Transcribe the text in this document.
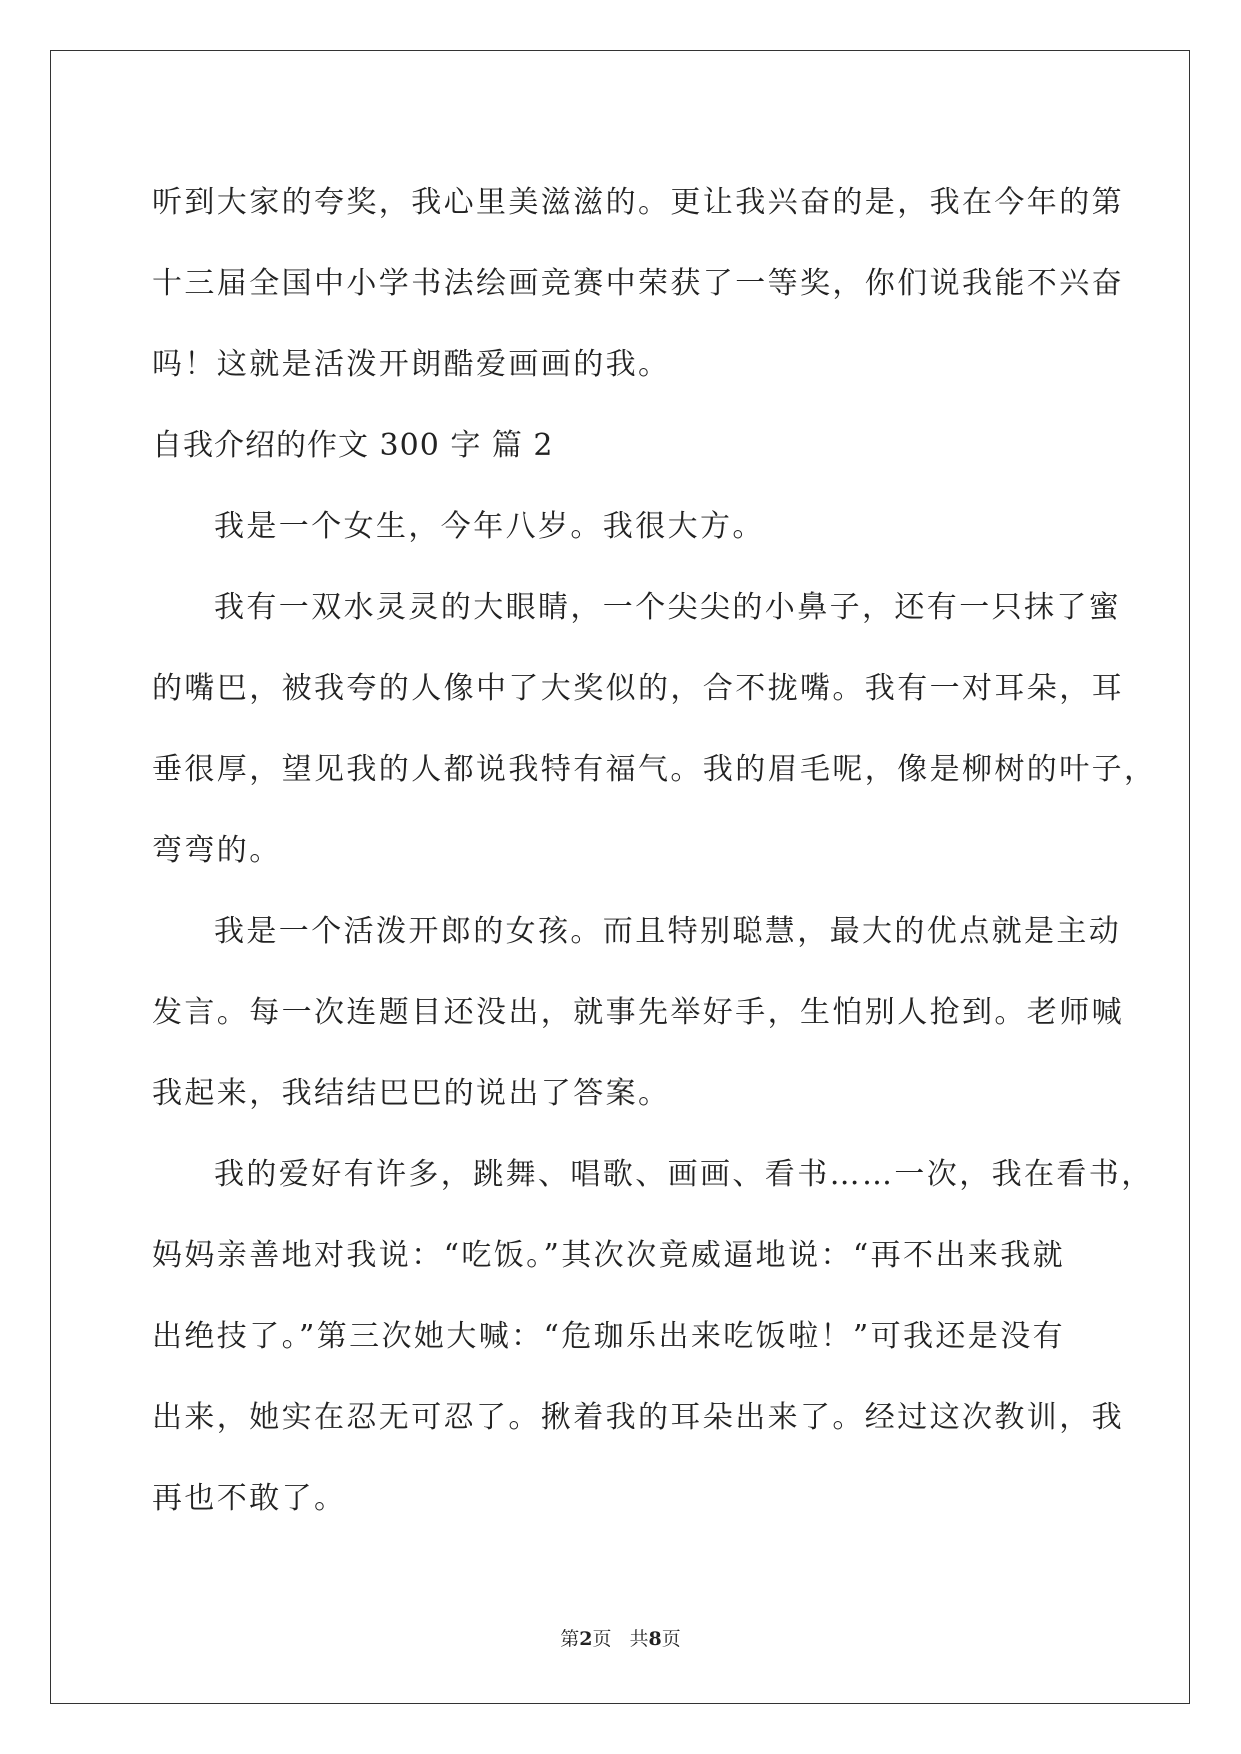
听到大家的夸奖，我心里美滋滋的。更让我兴奋的是，我在今年的第
十三届全国中小学书法绘画竞赛中荣获了一等奖，你们说我能不兴奋
吗！这就是活泼开朗酷爱画画的我。
自我介绍的作文 300 字 篇 2
我是一个女生，今年八岁。我很大方。
我有一双水灵灵的大眼睛，一个尖尖的小鼻子，还有一只抹了蜜
的嘴巴，被我夸的人像中了大奖似的，合不拢嘴。我有一对耳朵，耳
垂很厚，望见我的人都说我特有福气。我的眉毛呢，像是柳树的叶子，
弯弯的。
我是一个活泼开郎的女孩。而且特别聪慧，最大的优点就是主动
发言。每一次连题目还没出，就事先举好手，生怕别人抢到。老师喊
我起来，我结结巴巴的说出了答案。
我的爱好有许多，跳舞、唱歌、画画、看书……一次，我在看书，
妈妈亲善地对我说：“吃饭。”其次次竟威逼地说：“再不出来我就
出绝技了。”第三次她大喊：“危珈乐出来吃饭啦！”可我还是没有
出来，她实在忍无可忍了。揪着我的耳朵出来了。经过这次教训，我
再也不敢了。
第2页 共8页
